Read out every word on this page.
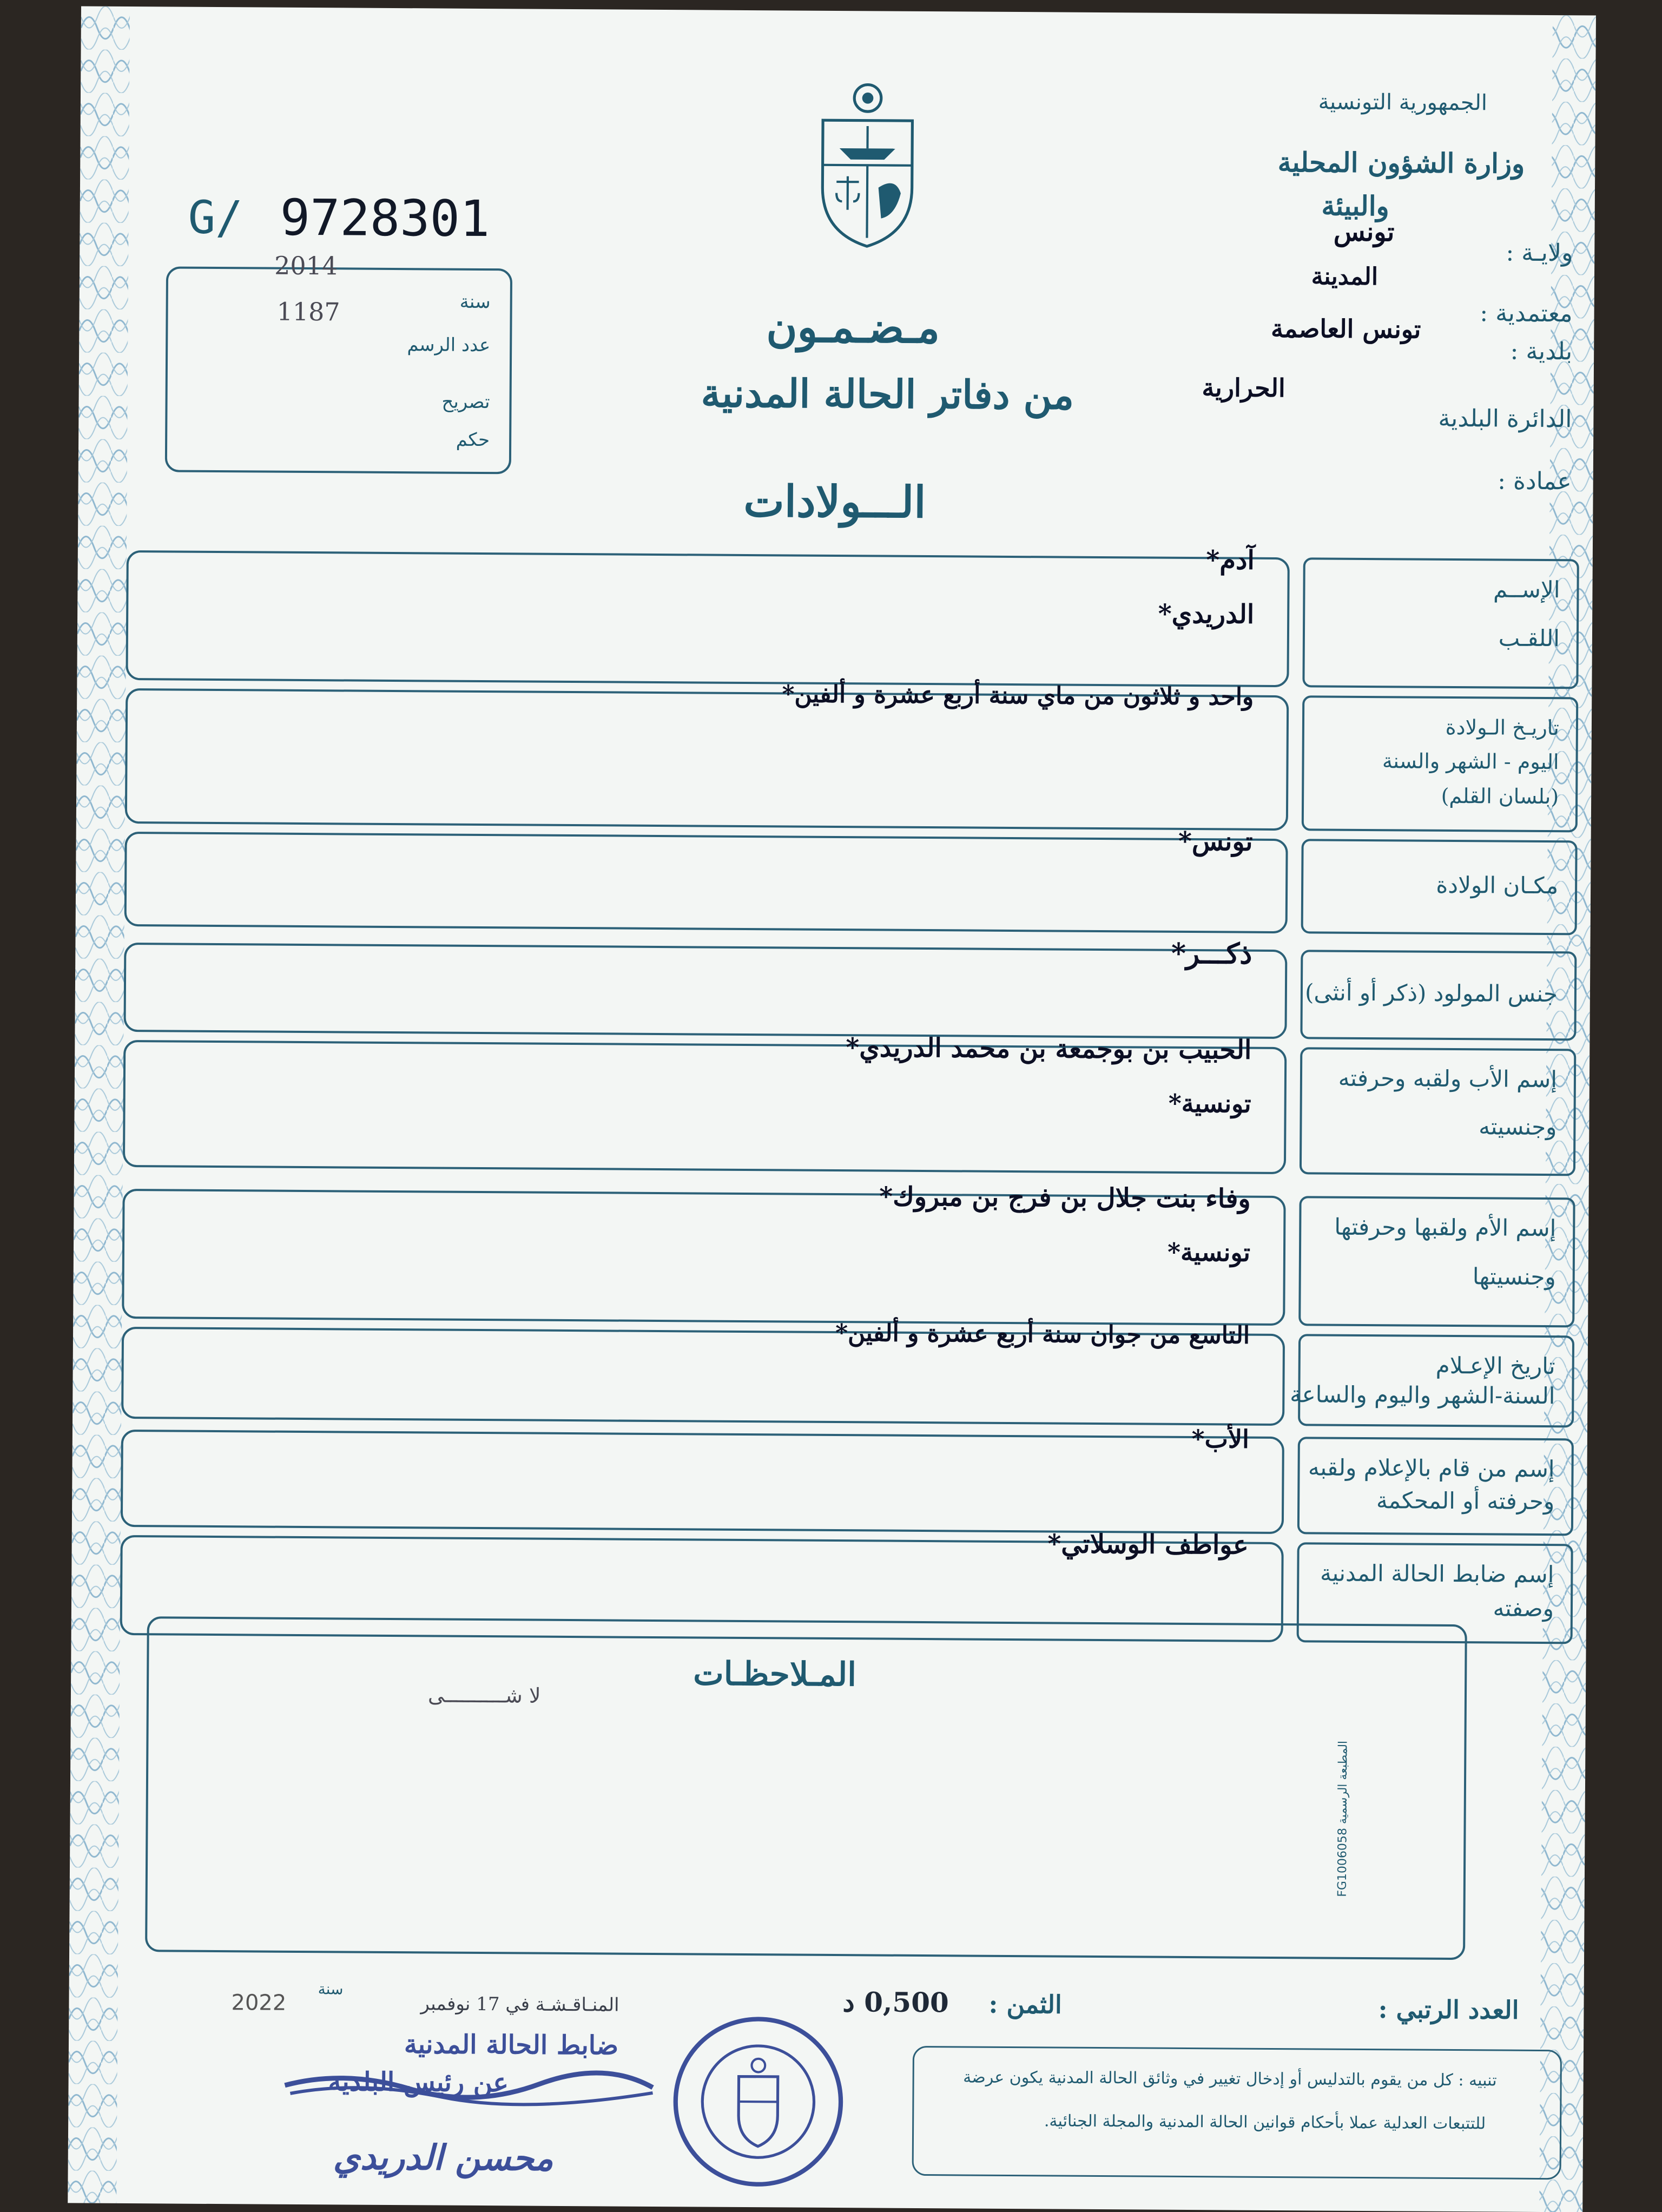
الجمهورية التونسية
وزارة الشؤون المحلية
والبيئة
ولايـة :
معتمدية :
بلدية :
الدائرة البلدية
عمادة :
تونس
المدينة
تونس العاصمة
الحرارية
G/ 9728301
سنة
عدد الرسم
تصريح
حكم
2014
1187	مـضـمـون
من دفاتر الحالة المدنية
الـــولادات
الإســم
اللقـب
آدم*
الدريدي*
تاريـخ الـولادة
اليوم - الشهر والسنة
(بلسان القلم)
واحد و ثلاثون من ماي سنة أربع عشرة و ألفين*
مكـان الولادة
تونس*
جنس المولود (ذكر أو أنثى)
ذكـــر*
إسم الأب ولقبه وحرفته
وجنسيته
الحبيب بن بوجمعة بن محمد الدريدي*
تونسية*
إسم الأم ولقبها وحرفتها
وجنسيتها
وفاء بنت جلال بن فرج بن مبروك*
تونسية*
تاريخ الإعـلام
السنة-الشهر واليوم والساعة
التاسع من جوان سنة أربع عشرة و ألفين*
إسم من قام بالإعلام ولقبه
وحرفته أو المحكمة
الأب*
إسم ضابط الحالة المدنية
وصفته
عواطف الوسلاتي*
المـلاحظـات
لا شــــــــــى
المطبعة الرسمية FG1006058
العدد الرتبي :
الثمن :
0,500 د
المنـاقـشـة في 17 نوفمبر
سنة
2022
ضابط الحالة المدنية
عن رئيس البلدية
محسن الدريدي
تنبيه : كل من يقوم بالتدليس أو إدخال تغيير في وثائق الحالة المدنية يكون عرضة
للتتبعات العدلية عملا بأحكام قوانين الحالة المدنية والمجلة الجنائية.
